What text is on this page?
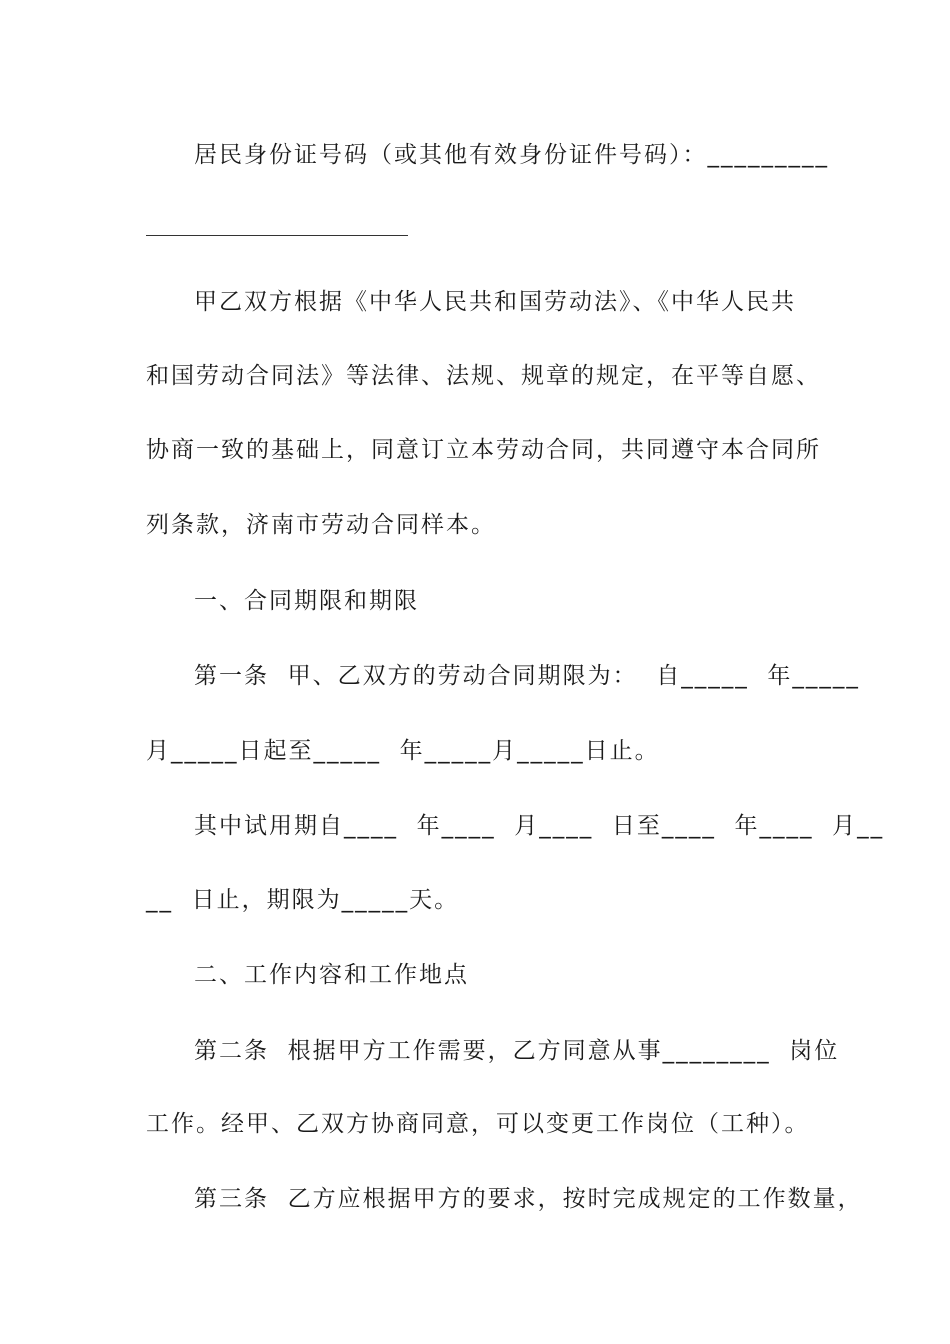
居民身份证号码（或其他有效身份证件号码）：_________
甲乙双方根据《中华人民共和国劳动法》、《中华人民共
和国劳动合同法》等法律、法规、规章的规定，在平等自愿、
协商一致的基础上，同意订立本劳动合同，共同遵守本合同所
列条款，济南市劳动合同样本。
一、合同期限和期限
第一条  甲、乙双方的劳动合同期限为：  自_____  年_____
月_____日起至_____  年_____月_____日止。
其中试用期自____  年____  月____  日至____  年____  月__
__  日止，期限为_____天。
二、工作内容和工作地点
第二条  根据甲方工作需要，乙方同意从事________  岗位
工作。经甲、乙双方协商同意，可以变更工作岗位（工种）。
第三条  乙方应根据甲方的要求，按时完成规定的工作数量，
